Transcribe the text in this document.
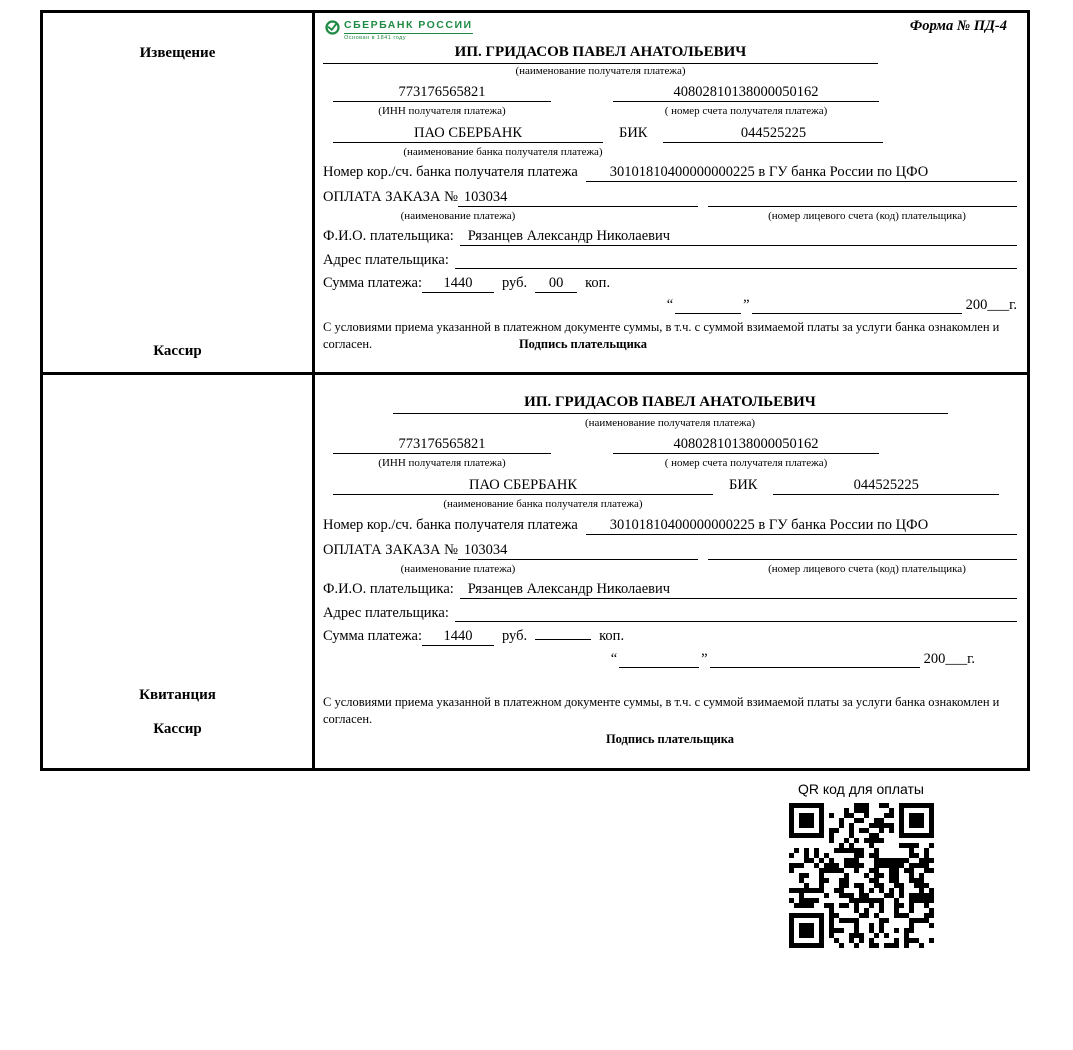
Извещение
Кассир
СБЕРБАНК РОССИИ
Основан в 1841 году
Форма № ПД-4
ИП. ГРИДАСОВ ПАВЕЛ АНАТОЛЬЕВИЧ
(наименование получателя платежа)
773176565821	40802810138000050162
(ИНН получателя платежа)	( номер счета получателя платежа)
ПАО СБЕРБАНК	БИК	044525225
(наименование банка получателя платежа)
Номер кор./сч. банка получателя платежа	30101810400000000225 в ГУ банка России по ЦФО
ОПЛАТА ЗАКАЗА № 103034
(наименование платежа)	(номер лицевого счета (код) плательщика)
Ф.И.О. плательщика: Рязанцев Александр Николаевич
Адрес плательщика:
Сумма платежа:	1440	руб.	00	коп.
“	”	200___г.
С условиями приема указанной в платежном документе суммы, в т.ч. с суммой взимаемой платы за услуги банка ознакомлен и согласен.	Подпись плательщика
Квитанция
Кассир
ИП. ГРИДАСОВ ПАВЕЛ АНАТОЛЬЕВИЧ
(наименование получателя платежа)
773176565821	40802810138000050162
(ИНН получателя платежа)	( номер счета получателя платежа)
ПАО СБЕРБАНК	БИК	044525225
(наименование банка получателя платежа)
Номер кор./сч. банка получателя платежа	30101810400000000225 в ГУ банка России по ЦФО
ОПЛАТА ЗАКАЗА № 103034
(наименование платежа)	(номер лицевого счета (код) плательщика)
Ф.И.О. плательщика: Рязанцев Александр Николаевич
Адрес плательщика:
Сумма платежа:	1440	руб.	коп.
“	”	200___г.
С условиями приема указанной в платежном документе суммы, в т.ч. с суммой взимаемой платы за услуги банка ознакомлен и согласен.
Подпись плательщика
QR код для оплаты
